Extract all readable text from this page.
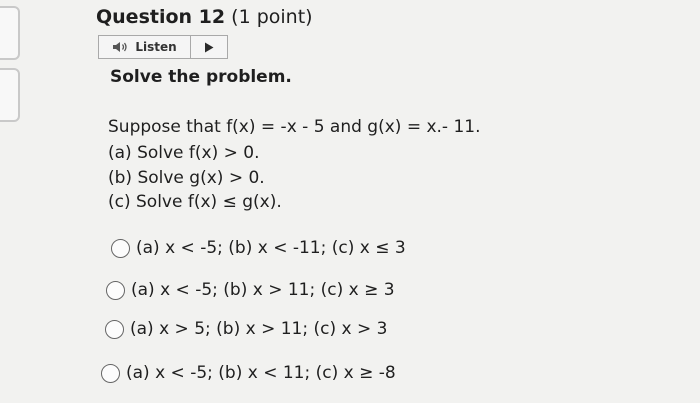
Question 12 (1 point)
Listen
Solve the problem.
Suppose that f(x) = -x - 5 and g(x) = x.- 11.
(a) Solve f(x) > 0.
(b) Solve g(x) > 0.
(c) Solve f(x) ≤ g(x).
(a) x < -5; (b) x < -11; (c) x ≤ 3
(a) x < -5; (b) x > 11; (c) x ≥ 3
(a) x > 5; (b) x > 11; (c) x > 3
(a) x < -5; (b) x < 11; (c) x ≥ -8
